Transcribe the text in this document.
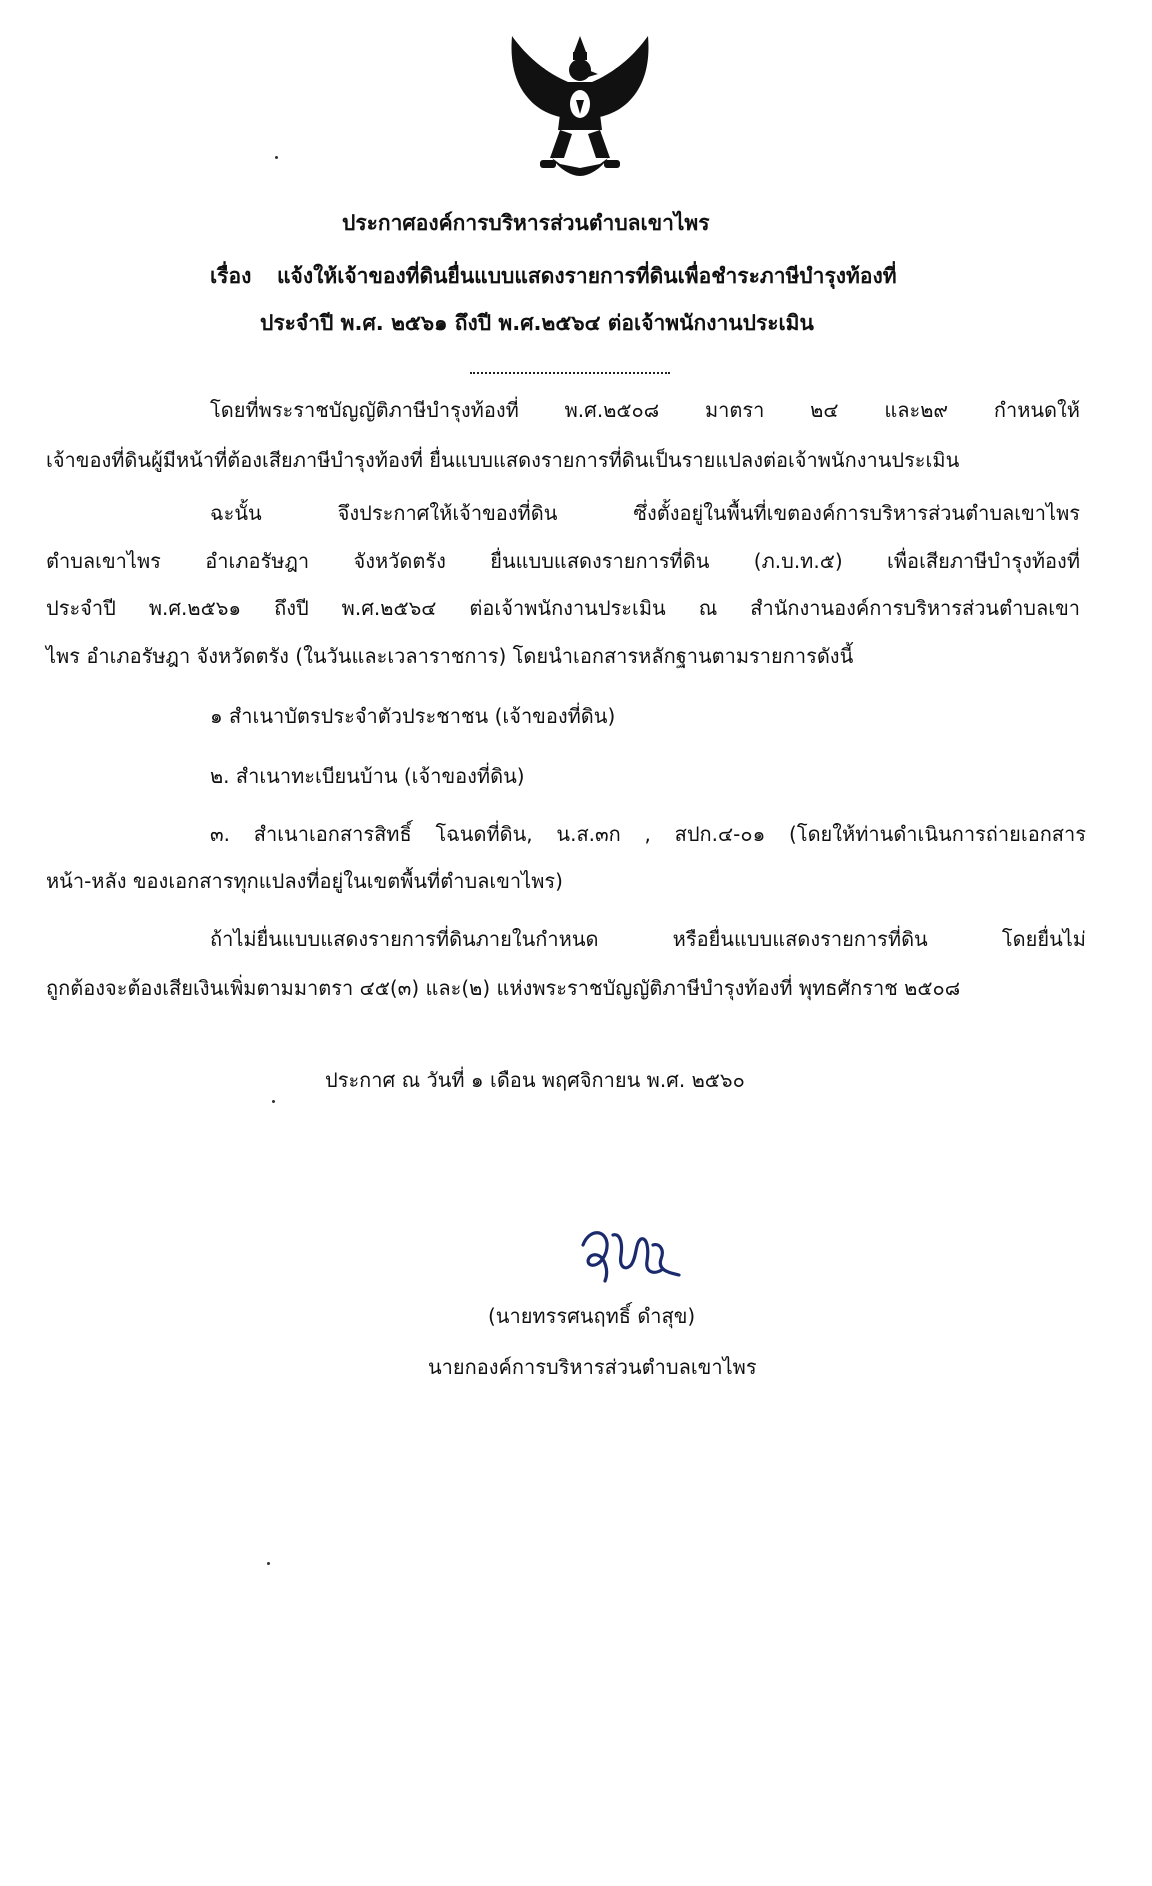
ประกาศองค์การบริหารส่วนตำบลเขาไพร
เรื่อง แจ้งให้เจ้าของที่ดินยื่นแบบแสดงรายการที่ดินเพื่อชำระภาษีบำรุงท้องที่
ประจำปี พ.ศ. ๒๕๖๑ ถึงปี พ.ศ.๒๕๖๔ ต่อเจ้าพนักงานประเมิน
โดยที่พระราชบัญญัติภาษีบำรุงท้องที่ พ.ศ.๒๕๐๘ มาตรา ๒๔ และ๒๙ กำหนดให้
เจ้าของที่ดินผู้มีหน้าที่ต้องเสียภาษีบำรุงท้องที่ ยื่นแบบแสดงรายการที่ดินเป็นรายแปลงต่อเจ้าพนักงานประเมิน
ฉะนั้น จึงประกาศให้เจ้าของที่ดิน ซึ่งตั้งอยู่ในพื้นที่เขตองค์การบริหารส่วนตำบลเขาไพร
ตำบลเขาไพร อำเภอรัษฎา จังหวัดตรัง ยื่นแบบแสดงรายการที่ดิน (ภ.บ.ท.๕) เพื่อเสียภาษีบำรุงท้องที่
ประจำปี พ.ศ.๒๕๖๑ ถึงปี พ.ศ.๒๕๖๔ ต่อเจ้าพนักงานประเมิน ณ สำนักงานองค์การบริหารส่วนตำบลเขา
ไพร อำเภอรัษฎา จังหวัดตรัง (ในวันและเวลาราชการ) โดยนำเอกสารหลักฐานตามรายการดังนี้
๑ สำเนาบัตรประจำตัวประชาชน (เจ้าของที่ดิน)
๒. สำเนาทะเบียนบ้าน (เจ้าของที่ดิน)
๓. สำเนาเอกสารสิทธิ์ โฉนดที่ดิน, น.ส.๓ก , สปก.๔-๐๑ (โดยให้ท่านดำเนินการถ่ายเอกสาร
หน้า-หลัง ของเอกสารทุกแปลงที่อยู่ในเขตพื้นที่ตำบลเขาไพร)
ถ้าไม่ยื่นแบบแสดงรายการที่ดินภายในกำหนด หรือยื่นแบบแสดงรายการที่ดิน โดยยื่นไม่
ถูกต้องจะต้องเสียเงินเพิ่มตามมาตรา ๔๕(๓) และ(๒) แห่งพระราชบัญญัติภาษีบำรุงท้องที่ พุทธศักราช ๒๕๐๘
ประกาศ ณ วันที่ ๑ เดือน พฤศจิกายน พ.ศ. ๒๕๖๐
(นายทรรศนฤทธิ์ ดำสุข)
นายกองค์การบริหารส่วนตำบลเขาไพร
